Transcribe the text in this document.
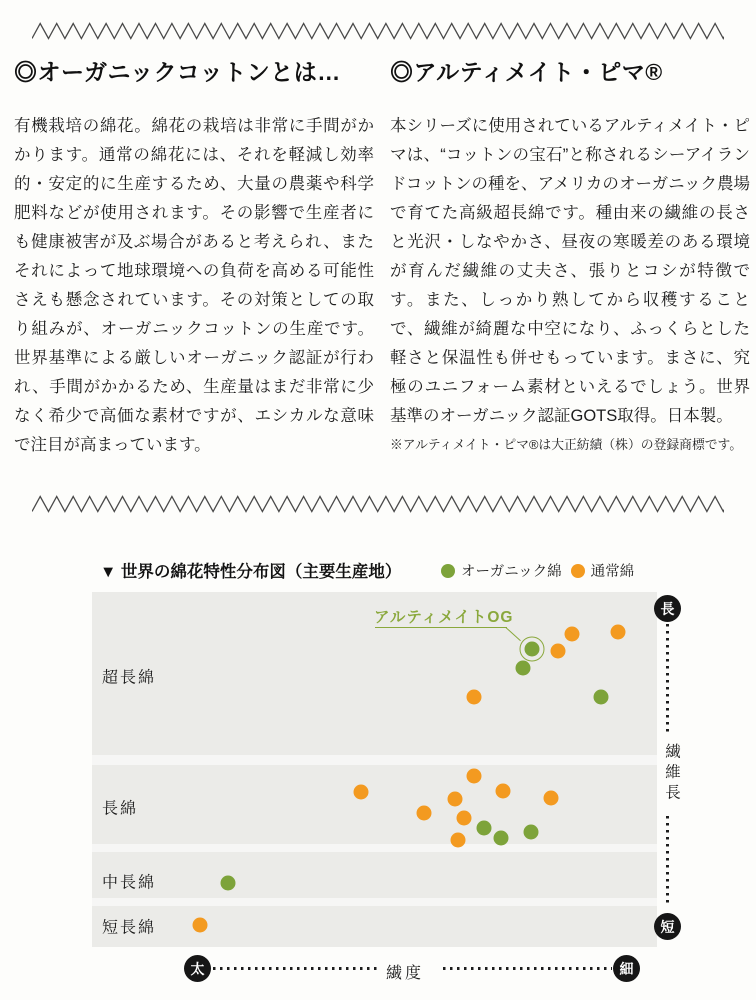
◎オーガニックコットンとは…

有機栽培の綿花。綿花の栽培は非常に手間がかかります。通常の綿花には、それを軽減し効率的・安定的に生産するため、大量の農薬や科学肥料などが使用されます。その影響で生産者にも健康被害が及ぶ場合があると考えられ、またそれによって地球環境への負荷を高める可能性さえも懸念されています。その対策としての取り組みが、オーガニックコットンの生産です。世界基準による厳しいオーガニック認証が行われ、手間がかかるため、生産量はまだ非常に少なく希少で高価な素材ですが、エシカルな意味で注目が高まっています。

◎アルティメイト・ピマ®

本シリーズに使用されているアルティメイト・ピマは、“コットンの宝石”と称されるシーアイランドコットンの種を、アメリカのオーガニック農場で育てた高級超長綿です。種由来の繊維の長さと光沢・しなやかさ、昼夜の寒暖差のある環境が育んだ繊維の丈夫さ、張りとコシが特徴です。また、しっかり熟してから収穫することで、繊維が綺麗な中空になり、ふっくらとした軽さと保温性も併せもっています。まさに、究極のユニフォーム素材といえるでしょう。世界基準のオーガニック認証GOTS取得。日本製。

※アルティメイト・ピマ®は大正紡績（株）の登録商標です。

▼ 世界の綿花特性分布図（主要生産地）	オーガニック綿 通常綿
超長綿
長綿
中長綿
短長綿
アルティメイトOG
長
繊維長
短
太	繊度	細
